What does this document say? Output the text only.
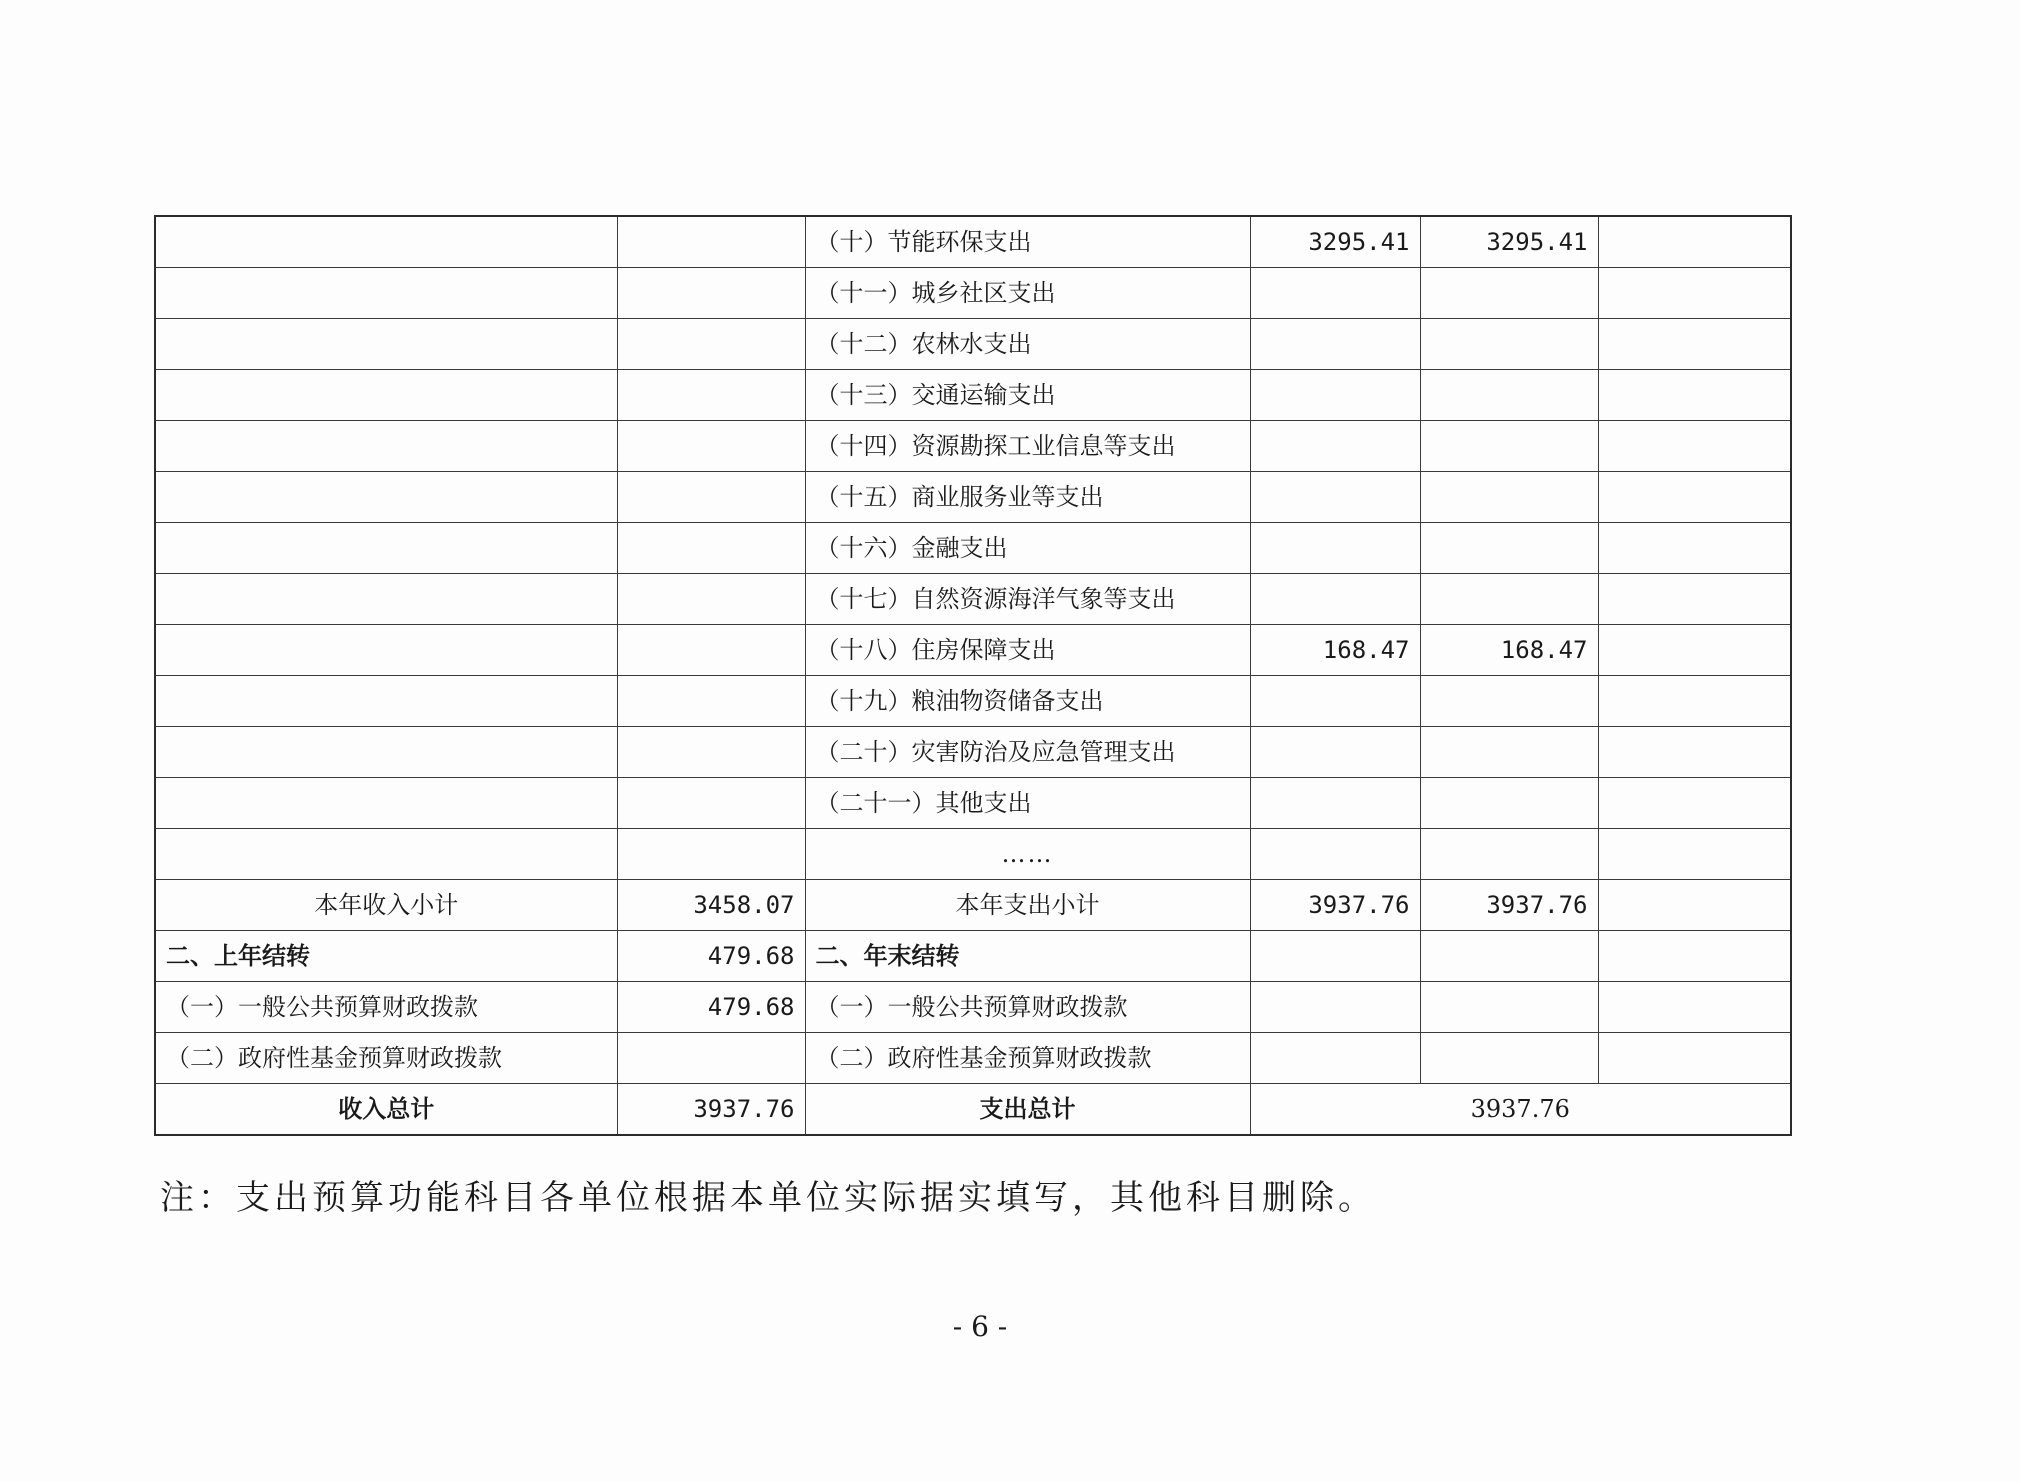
		（十）节能环保支出	3295.41	3295.41	
		（十一）城乡社区支出			
		（十二）农林水支出			
		（十三）交通运输支出			
		（十四）资源勘探工业信息等支出			
		（十五）商业服务业等支出			
		（十六）金融支出			
		（十七）自然资源海洋气象等支出			
		（十八）住房保障支出	168.47	168.47	
		（十九）粮油物资储备支出			
		（二十）灾害防治及应急管理支出			
		（二十一）其他支出			
		……			
本年收入小计	3458.07	本年支出小计	3937.76	3937.76	
二、上年结转	479.68	二、年末结转			
（一）一般公共预算财政拨款	479.68	（一）一般公共预算财政拨款			
（二）政府性基金预算财政拨款		（二）政府性基金预算财政拨款			
收入总计	3937.76	支出总计	3937.76		
注：支出预算功能科目各单位根据本单位实际据实填写，其他科目删除。
- 6 -
